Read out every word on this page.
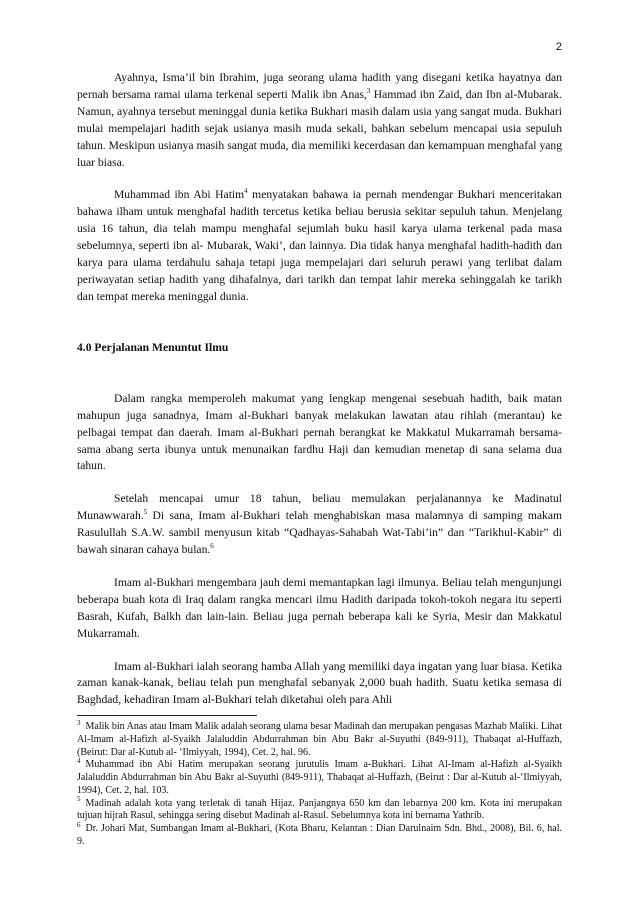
2

Ayahnya, Isma’il bin Ibrahim, juga seorang ulama hadith yang disegani ketika hayatnya dan pernah bersama ramai ulama terkenal seperti Malik ibn Anas,$^3$ Hammad ibn Zaid, dan Ibn al-Mubarak. Namun, ayahnya tersebut meninggal dunia ketika Bukhari masih dalam usia yang sangat muda. Bukhari mulai mempelajari hadith sejak usianya masih muda sekali, bahkan sebelum mencapai usia sepuluh tahun. Meskipun usianya masih sangat muda, dia memiliki kecerdasan dan kemampuan menghafal yang luar biasa.

Muhammad ibn Abi Hatim$^4$ menyatakan bahawa ia pernah mendengar Bukhari menceritakan bahawa ilham untuk menghafal hadith tercetus ketika beliau berusia sekitar sepuluh tahun. Menjelang usia 16 tahun, dia telah mampu menghafal sejumlah buku hasil karya ulama terkenal pada masa sebelumnya, seperti ibn al- Mubarak, Waki’, dan lainnya. Dia tidak hanya menghafal hadith-hadith dan karya para ulama terdahulu sahaja tetapi juga mempelajari dari seluruh perawi yang terlibat dalam periwayatan setiap hadith yang dihafalnya, dari tarikh dan tempat lahir mereka sehinggalah ke tarikh dan tempat mereka meninggal dunia.

4.0 Perjalanan Menuntut Ilmu

Dalam rangka memperoleh makumat yang lengkap mengenai sesebuah hadith, baik matan mahupun juga sanadnya, Imam al-Bukhari banyak melakukan lawatan atau rihlah (merantau) ke pelbagai tempat dan daerah. Imam al-Bukhari pernah berangkat ke Makkatul Mukarramah bersama-sama abang serta ibunya untuk menunaikan fardhu Haji dan kemudian menetap di sana selama dua tahun.

Setelah mencapai umur 18 tahun, beliau memulakan perjalanannya ke Madinatul Munawwarah.$^5$ Di sana, Imam al-Bukhari telah menghabiskan masa malamnya di samping makam Rasulullah S.A.W. sambil menyusun kitab “Qadhayas-Sahabah Wat-Tabi’in” dan “Tarikhul-Kabir” di bawah sinaran cahaya bulan.$^6$

Imam al-Bukhari mengembara jauh demi memantapkan lagi ilmunya. Beliau telah mengunjungi beberapa buah kota di Iraq dalam rangka mencari ilmu Hadith daripada tokoh-tokoh negara itu seperti Basrah, Kufah, Balkh dan lain-lain. Beliau juga pernah beberapa kali ke Syria, Mesir dan Makkatul Mukarramah.

Imam al-Bukhari ialah seorang hamba Allah yang memiliki daya ingatan yang luar biasa. Ketika zaman kanak-kanak, beliau telah pun menghafal sebanyak 2,000 buah hadith. Suatu ketika semasa di Baghdad, kehadiran Imam al-Bukhari telah diketahui oleh para Ahli

$^3$ Malik bin Anas atau Imam Malik adalah seorang ulama besar Madinah dan merupakan pengasas Mazhab Maliki. Lihat Al-Imam al-Hafizh al-Syaikh Jalaluddin Abdurrahman bin Abu Bakr al-Suyuthi (849-911), Thabaqat al-Huffazh, (Beirut: Dar al-Kutub al- ‘Ilmiyyah, 1994), Cet. 2, hal. 96.

$^4$ Muhammad ibn Abi Hatim merupakan seorang jurutulis Imam a-Bukhari. Lihat Al-Imam al-Hafizh al-Syaikh Jalaluddin Abdurrahman bin Abu Bakr al-Suyuthi (849-911), Thabaqat al-Huffazh, (Beirut : Dar al-Kutub al-‘Ilmiyyah, 1994), Cet. 2, hal. 103.

$^5$ Madinah adalah kota yang terletak di tanah Hijaz. Panjangnya 650 km dan lebarnya 200 km. Kota ini merupakan tujuan hijrah Rasul, sehingga sering disebut Madinah al-Rasul. Sebelumnya kota ini bernama Yathrib.

$^6$ Dr. Johari Mat, Sumbangan Imam al-Bukhari, (Kota Bharu, Kelantan : Dian Darulnaim Sdn. Bhd., 2008), Bil. 6, hal. 9.
